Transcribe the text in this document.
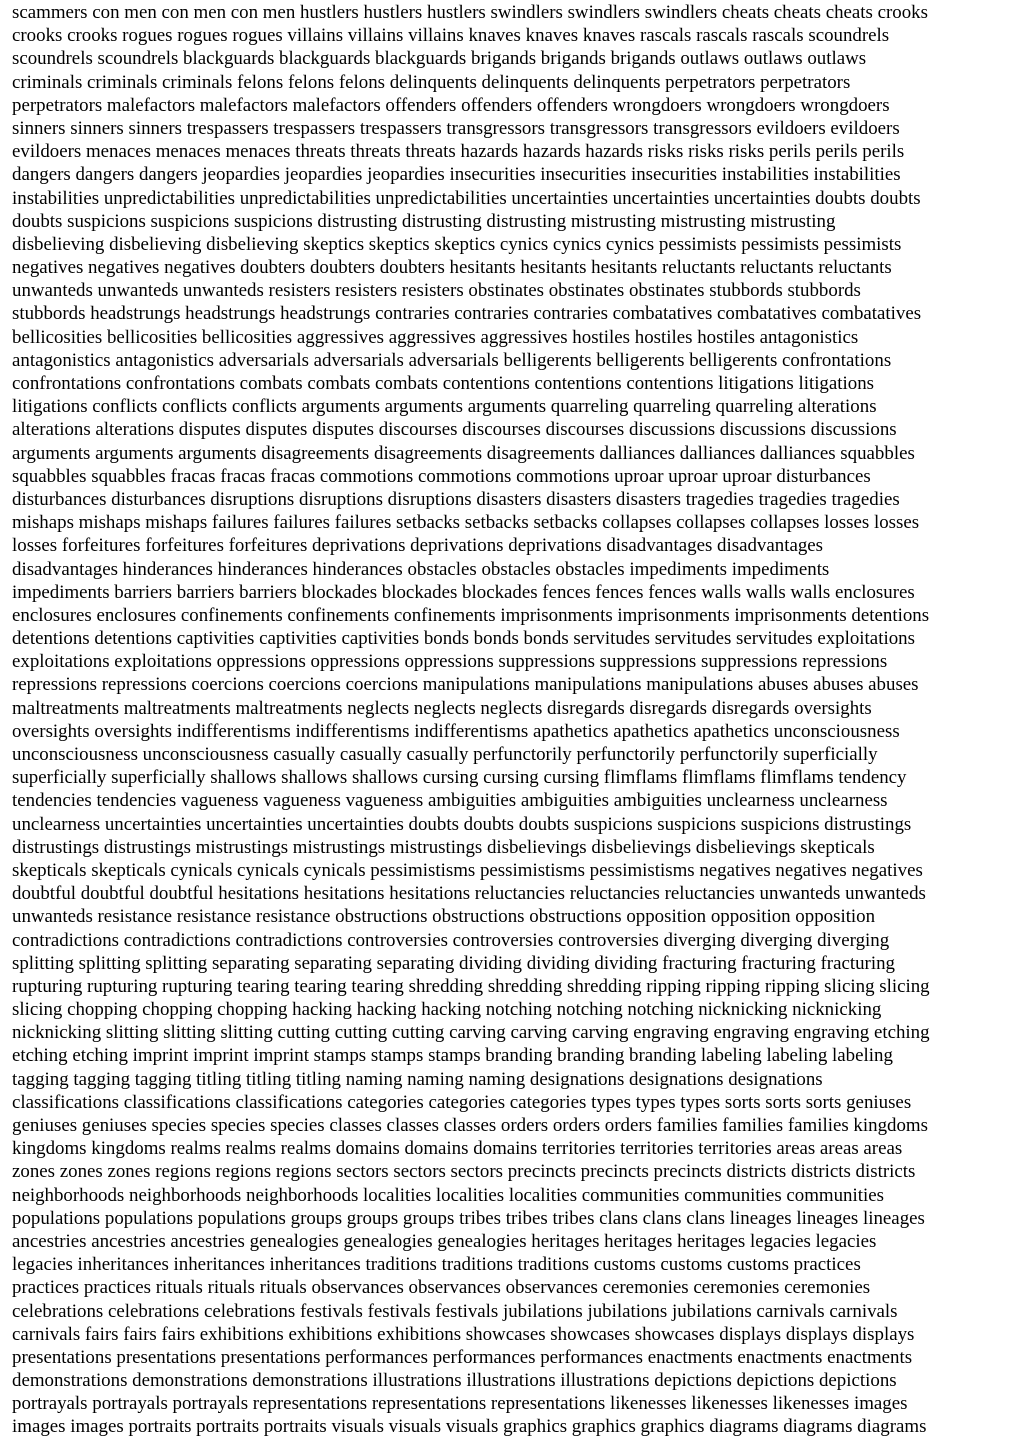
scammers con men con men con men hustlers hustlers hustlers swindlers swindlers swindlers cheats cheats cheats crooks
crooks crooks rogues rogues rogues villains villains villains knaves knaves knaves rascals rascals rascals scoundrels
scoundrels scoundrels blackguards blackguards blackguards brigands brigands brigands outlaws outlaws outlaws
criminals criminals criminals felons felons felons delinquents delinquents delinquents perpetrators perpetrators
perpetrators malefactors malefactors malefactors offenders offenders offenders wrongdoers wrongdoers wrongdoers
sinners sinners sinners trespassers trespassers trespassers transgressors transgressors transgressors evildoers evildoers
evildoers menaces menaces menaces threats threats threats hazards hazards hazards risks risks risks perils perils perils
dangers dangers dangers jeopardies jeopardies jeopardies insecurities insecurities insecurities instabilities instabilities
instabilities unpredictabilities unpredictabilities unpredictabilities uncertainties uncertainties uncertainties doubts doubts
doubts suspicions suspicions suspicions distrusting distrusting distrusting mistrusting mistrusting mistrusting
disbelieving disbelieving disbelieving skeptics skeptics skeptics cynics cynics cynics pessimists pessimists pessimists
negatives negatives negatives doubters doubters doubters hesitants hesitants hesitants reluctants reluctants reluctants
unwanteds unwanteds unwanteds resisters resisters resisters obstinates obstinates obstinates stubbords stubbords
stubbords headstrungs headstrungs headstrungs contraries contraries contraries combatatives combatatives combatatives
bellicosities bellicosities bellicosities aggressives aggressives aggressives hostiles hostiles hostiles antagonistics
antagonistics antagonistics adversarials adversarials adversarials belligerents belligerents belligerents confrontations
confrontations confrontations combats combats combats contentions contentions contentions litigations litigations
litigations conflicts conflicts conflicts arguments arguments arguments quarreling quarreling quarreling alterations
alterations alterations disputes disputes disputes discourses discourses discourses discussions discussions discussions
arguments arguments arguments disagreements disagreements disagreements dalliances dalliances dalliances squabbles
squabbles squabbles fracas fracas fracas commotions commotions commotions uproar uproar uproar disturbances
disturbances disturbances disruptions disruptions disruptions disasters disasters disasters tragedies tragedies tragedies
mishaps mishaps mishaps failures failures failures setbacks setbacks setbacks collapses collapses collapses losses losses
losses forfeitures forfeitures forfeitures deprivations deprivations deprivations disadvantages disadvantages
disadvantages hinderances hinderances hinderances obstacles obstacles obstacles impediments impediments
impediments barriers barriers barriers blockades blockades blockades fences fences fences walls walls walls enclosures
enclosures enclosures confinements confinements confinements imprisonments imprisonments imprisonments detentions
detentions detentions captivities captivities captivities bonds bonds bonds servitudes servitudes servitudes exploitations
exploitations exploitations oppressions oppressions oppressions suppressions suppressions suppressions repressions
repressions repressions coercions coercions coercions manipulations manipulations manipulations abuses abuses abuses
maltreatments maltreatments maltreatments neglects neglects neglects disregards disregards disregards oversights
oversights oversights indifferentisms indifferentisms indifferentisms apathetics apathetics apathetics unconsciousness
unconsciousness unconsciousness casually casually casually perfunctorily perfunctorily perfunctorily superficially
superficially superficially shallows shallows shallows cursing cursing cursing flimflams flimflams flimflams tendency
tendencies tendencies vagueness vagueness vagueness ambiguities ambiguities ambiguities unclearness unclearness
unclearness uncertainties uncertainties uncertainties doubts doubts doubts suspicions suspicions suspicions distrustings
distrustings distrustings mistrustings mistrustings mistrustings disbelievings disbelievings disbelievings skepticals
skepticals skepticals cynicals cynicals cynicals pessimistisms pessimistisms pessimistisms negatives negatives negatives
doubtful doubtful doubtful hesitations hesitations hesitations reluctancies reluctancies reluctancies unwanteds unwanteds
unwanteds resistance resistance resistance obstructions obstructions obstructions opposition opposition opposition
contradictions contradictions contradictions controversies controversies controversies diverging diverging diverging
splitting splitting splitting separating separating separating dividing dividing dividing fracturing fracturing fracturing
rupturing rupturing rupturing tearing tearing tearing shredding shredding shredding ripping ripping ripping slicing slicing
slicing chopping chopping chopping hacking hacking hacking notching notching notching nicknicking nicknicking
nicknicking slitting slitting slitting cutting cutting cutting carving carving carving engraving engraving engraving etching
etching etching imprint imprint imprint stamps stamps stamps branding branding branding labeling labeling labeling
tagging tagging tagging titling titling titling naming naming naming designations designations designations
classifications classifications classifications categories categories categories types types types sorts sorts sorts geniuses
geniuses geniuses species species species classes classes classes orders orders orders families families families kingdoms
kingdoms kingdoms realms realms realms domains domains domains territories territories territories areas areas areas
zones zones zones regions regions regions sectors sectors sectors precincts precincts precincts districts districts districts
neighborhoods neighborhoods neighborhoods localities localities localities communities communities communities
populations populations populations groups groups groups tribes tribes tribes clans clans clans lineages lineages lineages
ancestries ancestries ancestries genealogies genealogies genealogies heritages heritages heritages legacies legacies
legacies inheritances inheritances inheritances traditions traditions traditions customs customs customs practices
practices practices rituals rituals rituals observances observances observances ceremonies ceremonies ceremonies
celebrations celebrations celebrations festivals festivals festivals jubilations jubilations jubilations carnivals carnivals
carnivals fairs fairs fairs exhibitions exhibitions exhibitions showcases showcases showcases displays displays displays
presentations presentations presentations performances performances performances enactments enactments enactments
demonstrations demonstrations demonstrations illustrations illustrations illustrations depictions depictions depictions
portrayals portrayals portrayals representations representations representations likenesses likenesses likenesses images
images images portraits portraits portraits visuals visuals visuals graphics graphics graphics diagrams diagrams diagrams
